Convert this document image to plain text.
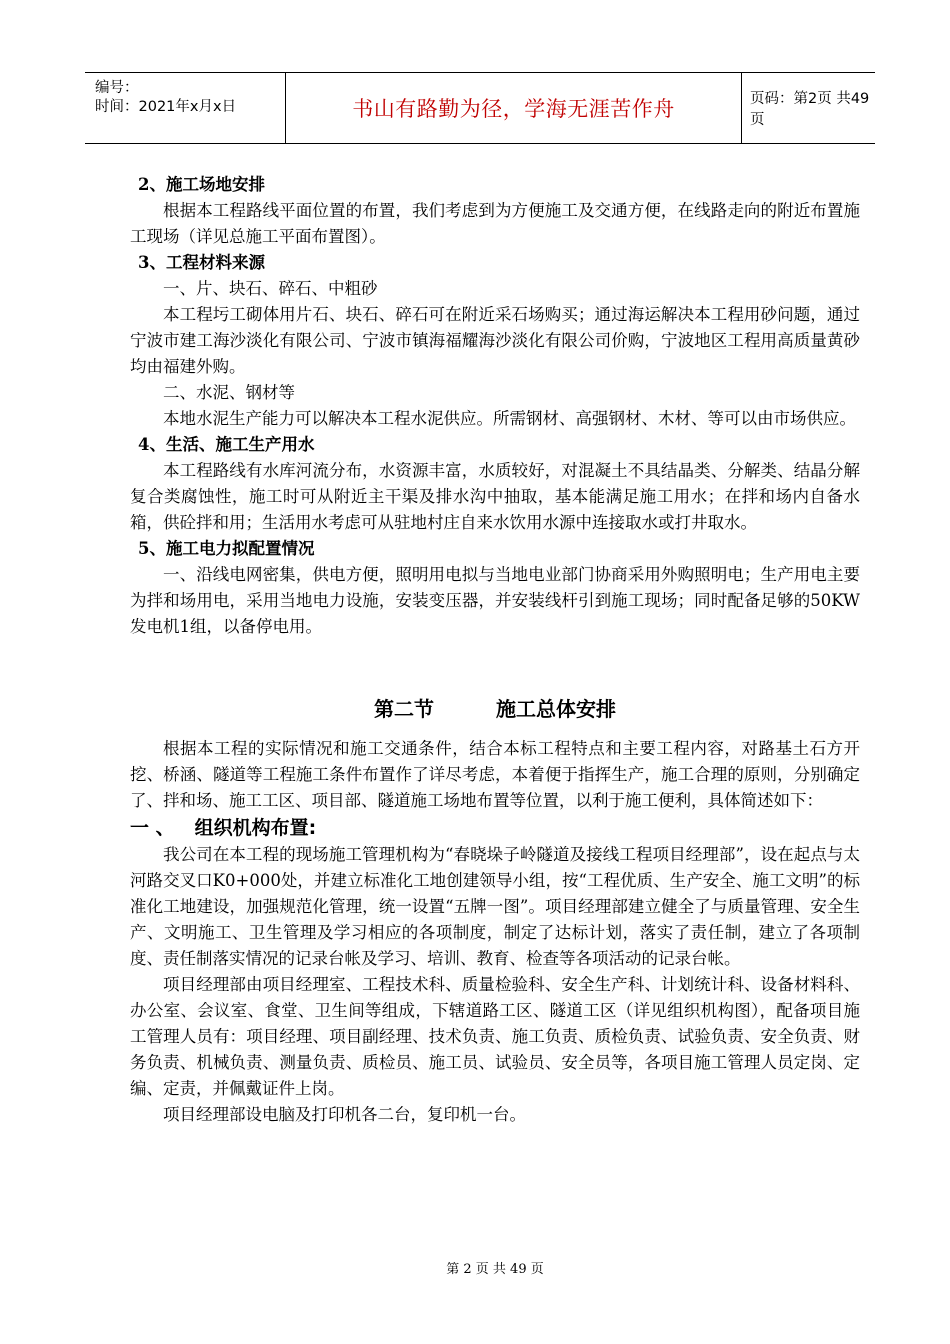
编号：
时间：2021年x月x日	书山有路勤为径，学海无涯苦作舟	页码：第2页 共49页

2、施工场地安排

根据本工程路线平面位置的布置，我们考虑到为方便施工及交通方便，在线路走向的附近布置施工现场（详见总施工平面布置图）。

3、工程材料来源

一、片、块石、碎石、中粗砂

本工程圬工砌体用片石、块石、碎石可在附近采石场购买；通过海运解决本工程用砂问题，通过宁波市建工海沙淡化有限公司、宁波市镇海福耀海沙淡化有限公司价购，宁波地区工程用高质量黄砂均由福建外购。

二、水泥、钢材等

本地水泥生产能力可以解决本工程水泥供应。所需钢材、高强钢材、木材、等可以由市场供应。

4、生活、施工生产用水

本工程路线有水库河流分布，水资源丰富，水质较好，对混凝土不具结晶类、分解类、结晶分解复合类腐蚀性，施工时可从附近主干渠及排水沟中抽取，基本能满足施工用水；在拌和场内自备水箱，供砼拌和用；生活用水考虑可从驻地村庄自来水饮用水源中连接取水或打井取水。

5、施工电力拟配置情况

一、沿线电网密集，供电方便，照明用电拟与当地电业部门协商采用外购照明电；生产用电主要为拌和场用电，采用当地电力设施，安装变压器，并安装线杆引到施工现场；同时配备足够的50KW发电机1组，以备停电用。

第二节	施工总体安排

根据本工程的实际情况和施工交通条件，结合本标工程特点和主要工程内容，对路基土石方开挖、桥涵、隧道等工程施工条件布置作了详尽考虑，本着便于指挥生产，施工合理的原则，分别确定了、拌和场、施工工区、项目部、隧道施工场地布置等位置，以利于施工便利，具体简述如下：

一 、 组织机构布置:

我公司在本工程的现场施工管理机构为“春晓垛子岭隧道及接线工程项目经理部”，设在起点与太河路交叉口K0+000处，并建立标准化工地创建领导小组，按“工程优质、生产安全、施工文明”的标准化工地建设，加强规范化管理，统一设置“五牌一图”。项目经理部建立健全了与质量管理、安全生产、文明施工、卫生管理及学习相应的各项制度，制定了达标计划，落实了责任制，建立了各项制度、责任制落实情况的记录台帐及学习、培训、教育、检查等各项活动的记录台帐。

项目经理部由项目经理室、工程技术科、质量检验科、安全生产科、计划统计科、设备材料科、办公室、会议室、食堂、卫生间等组成，下辖道路工区、隧道工区（详见组织机构图），配备项目施工管理人员有：项目经理、项目副经理、技术负责、施工负责、质检负责、试验负责、安全负责、财务负责、机械负责、测量负责、质检员、施工员、试验员、安全员等，各项目施工管理人员定岗、定编、定责，并佩戴证件上岗。

项目经理部设电脑及打印机各二台，复印机一台。

第 2 页 共 49 页
